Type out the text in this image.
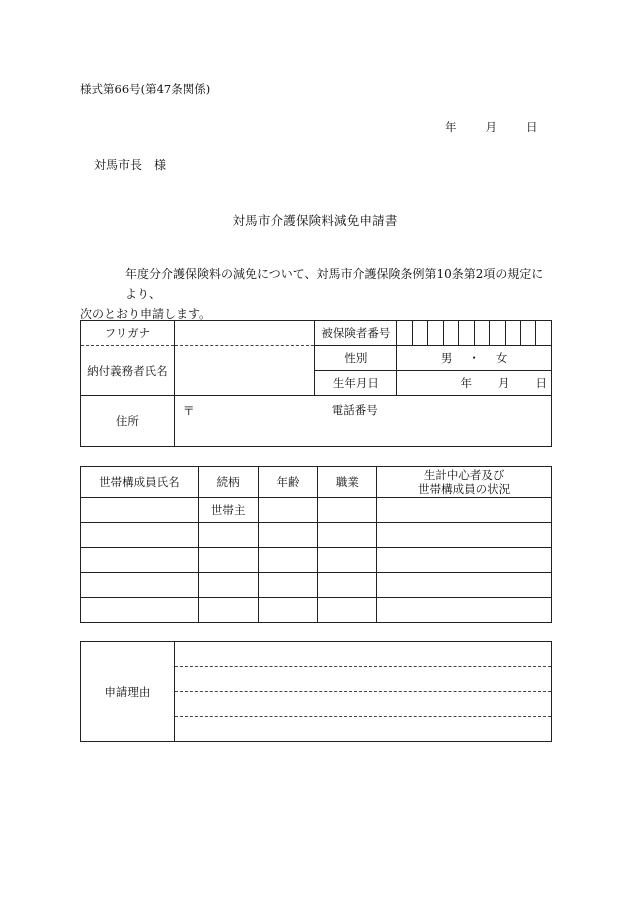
様式第66号(第47条関係)
年	月	日
対馬市長　様
対馬市介護保険料減免申請書

年度分介護保険料の減免について、対馬市介護保険条例第10条第2項の規定により、

次のとおり申請します。

フリガナ		被保険者番号	

納付義務者氏名		性別	男 ・ 女
		生年月日	年 月 日
住所	〒 電話番号		
世帯構成員氏名	続柄	年齢	職業	生計中心者及び
世帯構成員の状況

	世帯主			

申請理由	
